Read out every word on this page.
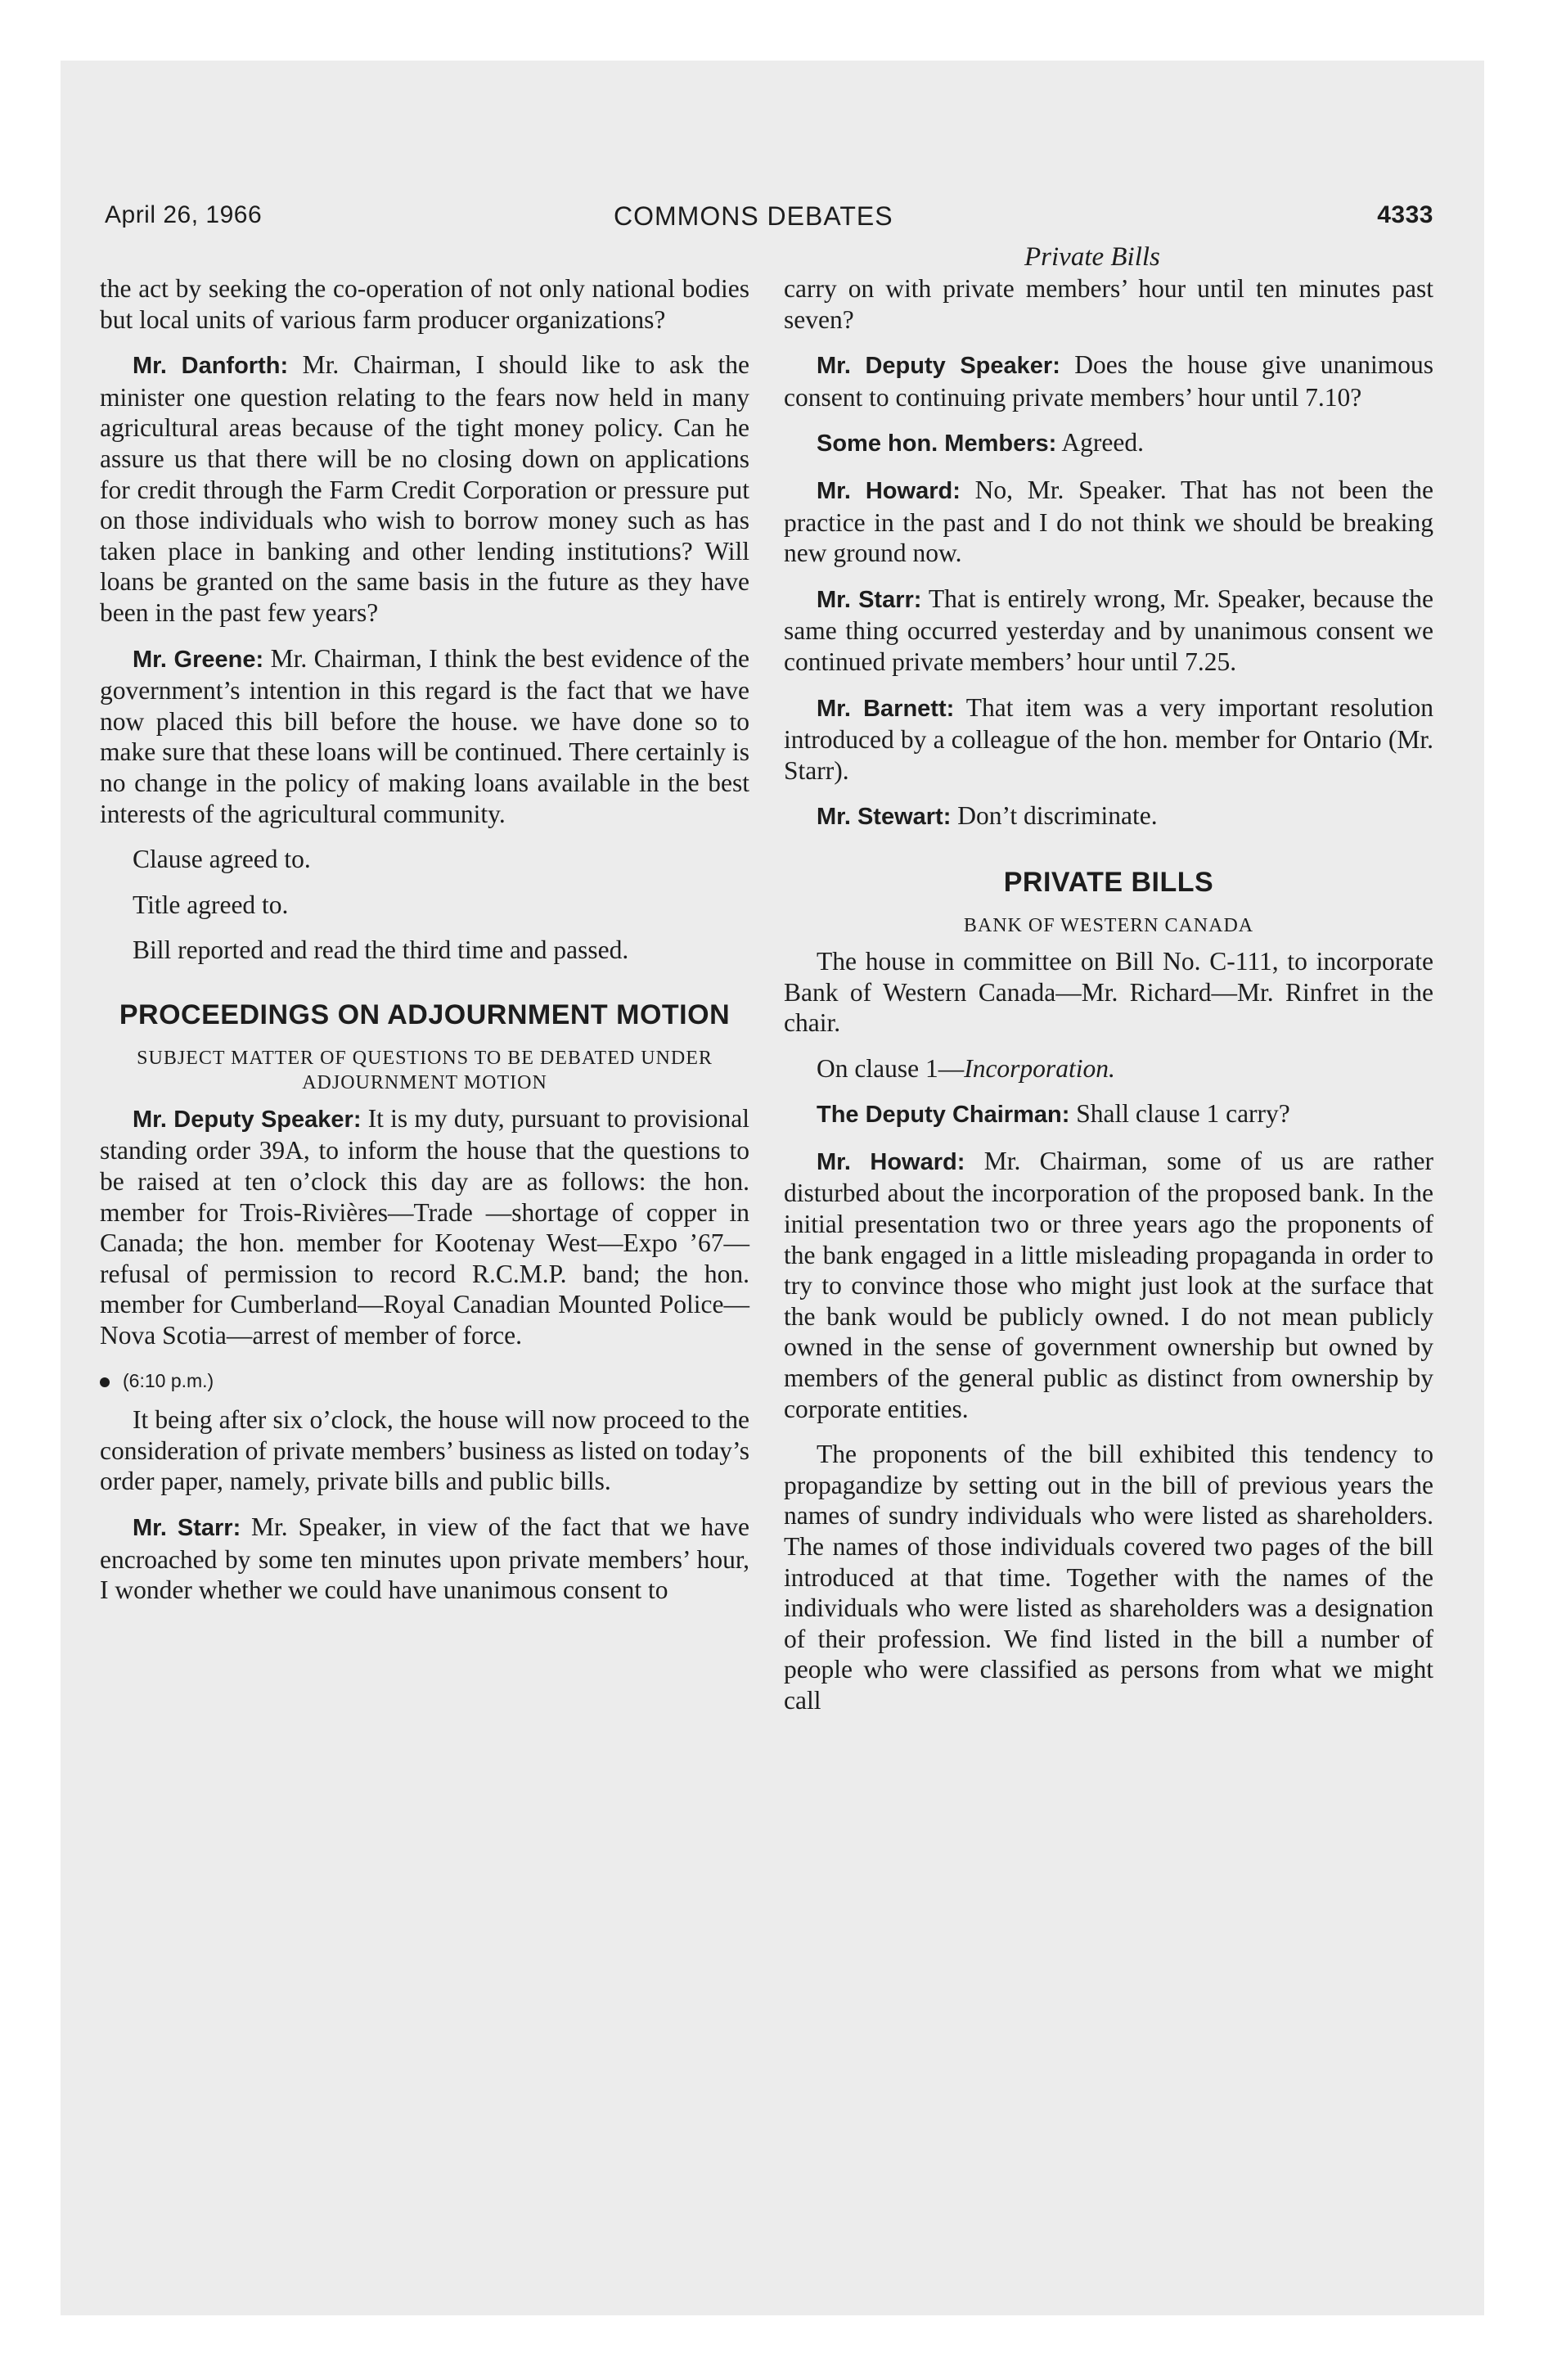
April 26, 1966	COMMONS DEBATES	4333
Private Bills

the act by seeking the co-operation of not only national bodies but local units of various farm producer organizations?

Mr. Danforth: Mr. Chairman, I should like to ask the minister one question relating to the fears now held in many agricultural areas because of the tight money policy. Can he assure us that there will be no closing down on applications for credit through the Farm Credit Corporation or pressure put on those individuals who wish to borrow money such as has taken place in banking and other lending institutions? Will loans be granted on the same basis in the future as they have been in the past few years?

Mr. Greene: Mr. Chairman, I think the best evidence of the government’s intention in this regard is the fact that we have now placed this bill before the house. we have done so to make sure that these loans will be continued. There certainly is no change in the policy of making loans available in the best interests of the agricultural community.

Clause agreed to.

Title agreed to.

Bill reported and read the third time and passed.

PROCEEDINGS ON ADJOURNMENT MOTION
SUBJECT MATTER OF QUESTIONS TO BE DEBATED UNDER ADJOURNMENT MOTION

Mr. Deputy Speaker: It is my duty, pursuant to provisional standing order 39A, to inform the house that the questions to be raised at ten o’clock this day are as follows: the hon. member for Trois-Rivières—Trade —shortage of copper in Canada; the hon. member for Kootenay West—Expo ’67—refusal of permission to record R.C.M.P. band; the hon. member for Cumberland—Royal Canadian Mounted Police—Nova Scotia—arrest of member of force.

(6:10 p.m.)

It being after six o’clock, the house will now proceed to the consideration of private members’ business as listed on today’s order paper, namely, private bills and public bills.

Mr. Starr: Mr. Speaker, in view of the fact that we have encroached by some ten minutes upon private members’ hour, I wonder whether we could have unanimous consent to

carry on with private members’ hour until ten minutes past seven?

Mr. Deputy Speaker: Does the house give unanimous consent to continuing private members’ hour until 7.10?

Some hon. Members: Agreed.

Mr. Howard: No, Mr. Speaker. That has not been the practice in the past and I do not think we should be breaking new ground now.

Mr. Starr: That is entirely wrong, Mr. Speaker, because the same thing occurred yesterday and by unanimous consent we continued private members’ hour until 7.25.

Mr. Barnett: That item was a very important resolution introduced by a colleague of the hon. member for Ontario (Mr. Starr).

Mr. Stewart: Don’t discriminate.

PRIVATE BILLS
BANK OF WESTERN CANADA

The house in committee on Bill No. C-111, to incorporate Bank of Western Canada—Mr. Richard—Mr. Rinfret in the chair.

On clause 1—Incorporation.

The Deputy Chairman: Shall clause 1 carry?

Mr. Howard: Mr. Chairman, some of us are rather disturbed about the incorporation of the proposed bank. In the initial presentation two or three years ago the proponents of the bank engaged in a little misleading propaganda in order to try to convince those who might just look at the surface that the bank would be publicly owned. I do not mean publicly owned in the sense of government ownership but owned by members of the general public as distinct from ownership by corporate entities.

The proponents of the bill exhibited this tendency to propagandize by setting out in the bill of previous years the names of sundry individuals who were listed as shareholders. The names of those individuals covered two pages of the bill introduced at that time. Together with the names of the individuals who were listed as shareholders was a designation of their profession. We find listed in the bill a number of people who were classified as persons from what we might call
